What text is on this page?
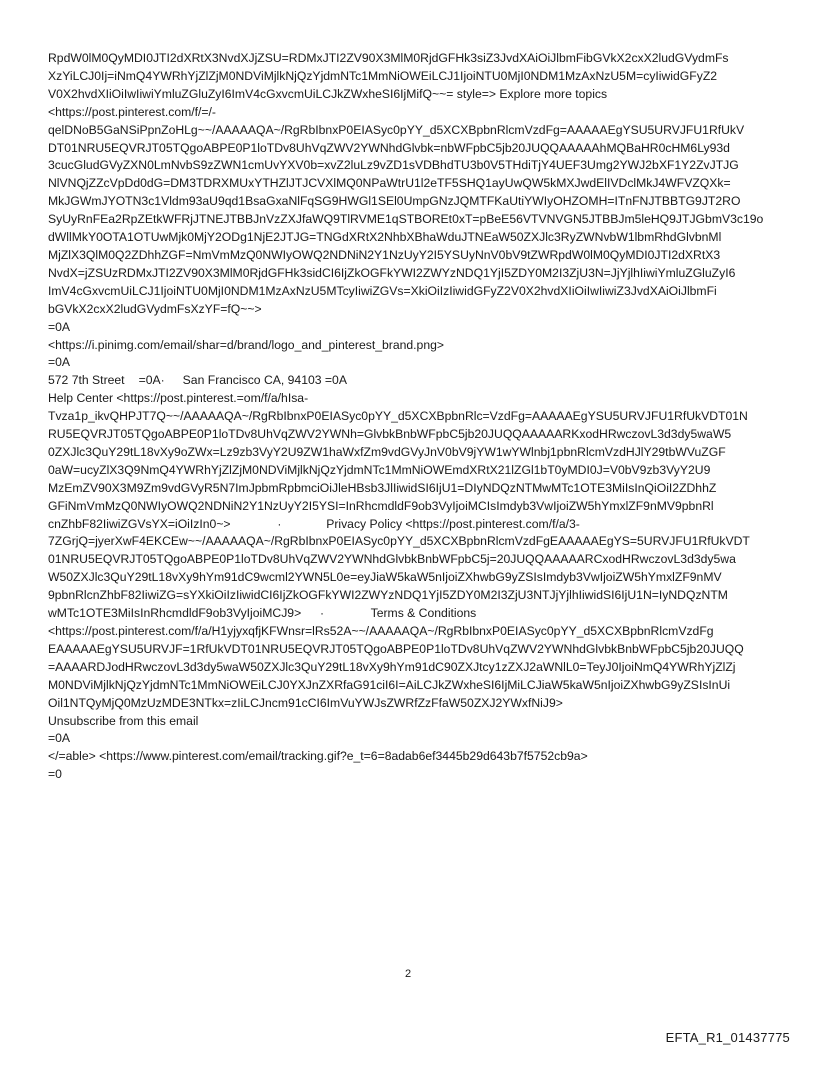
RpdW0lM0QyMDI0JTI2dXRtX3NvdXJjZSU=RDMxJTI2ZV90X3MlM0RjdGFHk3siZ3JvdXAiOiJlbmFibGVkX2cxX2ludGVydmFs
XzYiLCJ0Ij=iNmQ4YWRhYjZlZjM0NDViMjlkNjQzYjdmNTc1MmNiOWEiLCJ1IjoiNTU0MjI0NDM1MzAxNzU5M=cyIiwidGFyZ2
V0X2hvdXIiOiIwIiwiYmluZGluZyI6ImV4cGxvcmUiLCJkZWxheSI6IjMifQ~~= style=> Explore more topics
<https://post.pinterest.com/f/=/-
qelDNoB5GaNSiPpnZoHLg~~/AAAAAQA~/RgRbIbnxP0EIASyc0pYY_d5XCXBpbnRlcmVzdFg=AAAAAEgYSU5URVJFU1RfUkV
DT01NRU5EQVRJT05TQgoABPE0P1loTDv8UhVqZWV2YWNhdGlvbk=nbWFpbC5jb20JUQQAAAAAhMQBaHR0cHM6Ly93d
3cucGludGVyZXN0LmNvbS9zZWN1cmUvYXV0b=xvZ2luLz9vZD1sVDBhdTU3b0V5THdiTjY4UEF3Umg2YWJ2bXF1Y2ZvJTJG
NlVNQjZZcVpDd0dG=DM3TDRXMUxYTHZlJTJCVXlMQ0NPaWtrU1l2eTF5SHQ1ayUwQW5kMXJwdElIVDclMkJ4WFVZQXk=
MkJGWmJYOTN3c1Vldm93aU9qd1BsaGxaNlFqSG9HWGl1SEl0UmpGNzJQMTFKaUtiYWIyOHZOMH=ITnFNJTBBTG9JT2RO
SyUyRnFEa2RpZEtkWFRjJTNEJTBBJnVzZXJfaWQ9TlRVME1qSTBOREt0xT=pBeE56VTVNVGN5JTBBJm5leHQ9JTJGbmV3c19o
dWllMkY0OTA1OTUwMjk0MjY2ODg1NjE2JTJG=TNGdXRtX2NhbXBhaWduJTNEaW50ZXJlc3RyZWNvbW1lbmRhdGlvbnMl
MjZlX3QlM0Q2ZDhhZGF=NmVmMzQ0NWIyOWQ2NDNiN2Y1NzUyY2I5YSUyNnV0bV9tZWRpdW0lM0QyMDI0JTI2dXRtX3
NvdX=jZSUzRDMxJTI2ZV90X3MlM0RjdGFHk3sidCI6IjZkOGFkYWI2ZWYzNDQ1YjI5ZDY0M2I3ZjU3N=JjYjlhIiwiYmluZGluZyI6
ImV4cGxvcmUiLCJ1IjoiNTU0MjI0NDM1MzAxNzU5MTcyIiwiZGVs=XkiOiIzIiwidGFyZ2V0X2hvdXIiOiIwIiwiZ3JvdXAiOiJlbmFi
bGVkX2cxX2ludGVydmFsXzYF=fQ~~>
=0A
<https://i.pinimg.com/email/shar=d/brand/logo_and_pinterest_brand.png>
=0A
572 7th Street =0A· San Francisco CA, 94103 =0A
Help Center <https://post.pinterest.=om/f/a/hIsa-
Tvza1p_ikvQHPJT7Q~~/AAAAAQA~/RgRbIbnxP0EIASyc0pYY_d5XCXBpbnRlc=VzdFg=AAAAAEgYSU5URVJFU1RfUkVDT01N
RU5EQVRJT05TQgoABPE0P1loTDv8UhVqZWV2YWNh=GlvbkBnbWFpbC5jb20JUQQAAAAARKxodHRwczovL3d3dy5waW5
0ZXJlc3QuY29tL18vXy9oZWx=Lz9zb3VyY2U9ZW1haWxfZm9vdGVyJnV0bV9jYW1wYWlnbj1pbnRlcmVzdHJlY29tbWVuZGF
0aW=ucyZlX3Q9NmQ4YWRhYjZlZjM0NDViMjlkNjQzYjdmNTc1MmNiOWEmdXRtX21lZGl1bT0yMDI0J=V0bV9zb3VyY2U9
MzEmZV90X3M9Zm9vdGVyR5N7ImJpbmRpbmciOiJleHBsb3JlIiwidSI6IjU1=DIyNDQzNTMwMTc1OTE3MiIsInQiOiI2ZDhhZ
GFiNmVmMzQ0NWIyOWQ2NDNiN2Y1NzUyY2I5YSI=InRhcmdldF9ob3VyIjoiMCIsImdyb3VwIjoiZW5hYmxlZF9nMV9pbnRl
cnZhbF82IiwiZGVsYX=iOiIzIn0~>	·	Privacy Policy <https://post.pinterest.com/f/a/3-
7ZGrjQ=jyerXwF4EKCEw~~/AAAAAQA~/RgRbIbnxP0EIASyc0pYY_d5XCXBpbnRlcmVzdFgEAAAAAEgYS=5URVJFU1RfUkVDT
01NRU5EQVRJT05TQgoABPE0P1loTDv8UhVqZWV2YWNhdGlvbkBnbWFpbC5j=20JUQQAAAAARCxodHRwczovL3d3dy5wa
W50ZXJlc3QuY29tL18vXy9hYm91dC9wcml2YWN5L0e=eyJiaW5kaW5nIjoiZXhwbG9yZSIsImdyb3VwIjoiZW5hYmxlZF9nMV
9pbnRlcnZhbF82IiwiZG=sYXkiOiIzIiwidCI6IjZkOGFkYWI2ZWYzNDQ1YjI5ZDY0M2I3ZjU3NTJjYjlhIiwidSI6IjU1N=IyNDQzNTM
wMTc1OTE3MiIsInRhcmdldF9ob3VyIjoiMCJ9> ·	Terms & Conditions
<https://post.pinterest.com/f/a/H1yjyxqfjKFWnsr=lRs52A~~/AAAAAQA~/RgRbIbnxP0EIASyc0pYY_d5XCXBpbnRlcmVzdFg
EAAAAAEgYSU5URVJF=1RfUkVDT01NRU5EQVRJT05TQgoABPE0P1loTDv8UhVqZWV2YWNhdGlvbkBnbWFpbC5jb20JUQQ
=AAAARDJodHRwczovL3d3dy5waW50ZXJlc3QuY29tL18vXy9hYm91dC90ZXJtcy1zZXJ2aWNlL0=TeyJ0IjoiNmQ4YWRhYjZlZj
M0NDViMjlkNjQzYjdmNTc1MmNiOWEiLCJ0YXJnZXRfaG91ciI6I=AiLCJkZWxheSI6IjMiLCJiaW5kaW5nIjoiZXhwbG9yZSIsInUi
Oil1NTQyMjQ0MzUzMDE3NTkx=zIiLCJncm91cCI6ImVuYWJsZWRfZzFfaW50ZXJ2YWxfNiJ9>
Unsubscribe from this email
=0A
</=able> <https://www.pinterest.com/email/tracking.gif?e_t=6=8adab6ef3445b29d643b7f5752cb9a>
=0
2
EFTA_R1_01437775
